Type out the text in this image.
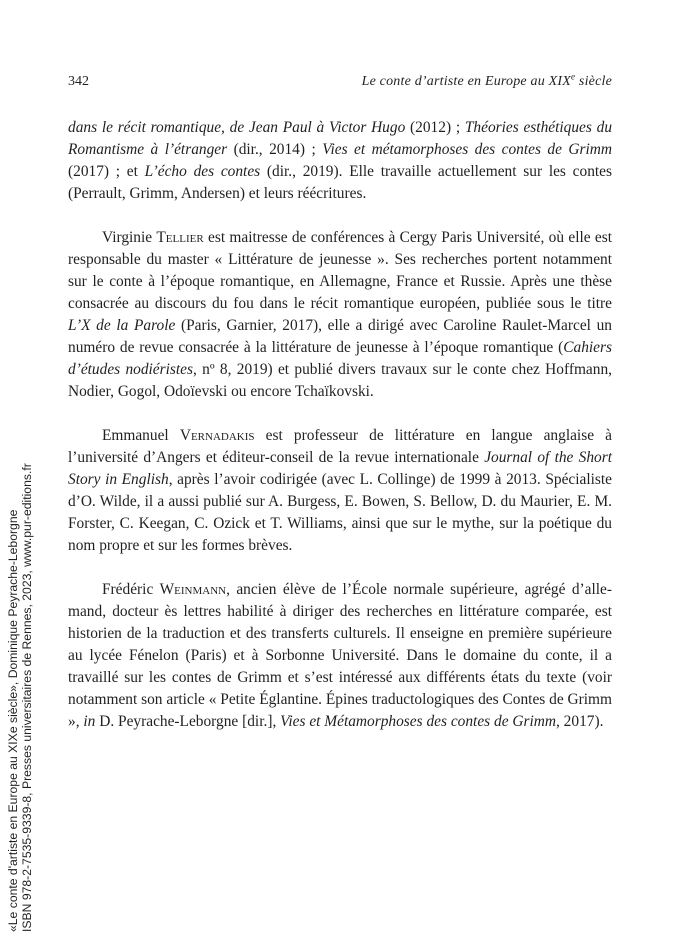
342	Le conte d’artiste en Europe au XIXe siècle

dans le récit romantique, de Jean Paul à Victor Hugo (2012) ; Théories esthétiques du Romantisme à l’étranger (dir., 2014) ; Vies et métamorphoses des contes de Grimm (2017) ; et L’écho des contes (dir., 2019). Elle travaille actuellement sur les contes (Perrault, Grimm, Andersen) et leurs réécritures.

Virginie Tellier est maitresse de conférences à Cergy Paris Université, où elle est responsable du master « Littérature de jeunesse ». Ses recherches portent notamment sur le conte à l’époque romantique, en Allemagne, France et Russie. Après une thèse consacrée au discours du fou dans le récit romantique européen, publiée sous le titre L’X de la Parole (Paris, Garnier, 2017), elle a dirigé avec Caroline Raulet-Marcel un numéro de revue consacrée à la littérature de jeunesse à l’époque romantique (Cahiers d’études nodiéristes, nº 8, 2019) et publié divers travaux sur le conte chez Hoffmann, Nodier, Gogol, Odoïevski ou encore Tchaïkovski.

Emmanuel Vernadakis est professeur de littérature en langue anglaise à l’université d’Angers et éditeur-conseil de la revue internationale Journal of the Short Story in English, après l’avoir codirigée (avec L. Collinge) de 1999 à 2013. Spécialiste d’O. Wilde, il a aussi publié sur A. Burgess, E. Bowen, S. Bellow, D. du Maurier, E. M. Forster, C. Keegan, C. Ozick et T. Williams, ainsi que sur le mythe, sur la poétique du nom propre et sur les formes brèves.

Frédéric Weinmann, ancien élève de l’École normale supérieure, agrégé d’allemand, docteur ès lettres habilité à diriger des recherches en littérature comparée, est historien de la traduction et des transferts culturels. Il enseigne en première supérieure au lycée Fénelon (Paris) et à Sorbonne Université. Dans le domaine du conte, il a travaillé sur les contes de Grimm et s’est intéressé aux différents états du texte (voir notamment son article « Petite Églantine. Épines traductologiques des Contes de Grimm », in D. Peyrache-Leborgne [dir.], Vies et Métamorphoses des contes de Grimm, 2017).

«Le conte d'artiste en Europe au XIXe siècle», Dominique Peyrache-Leborgne ISBN 978-2-7535-9339-8, Presses universitaires de Rennes, 2023, www.pur-editions.fr
